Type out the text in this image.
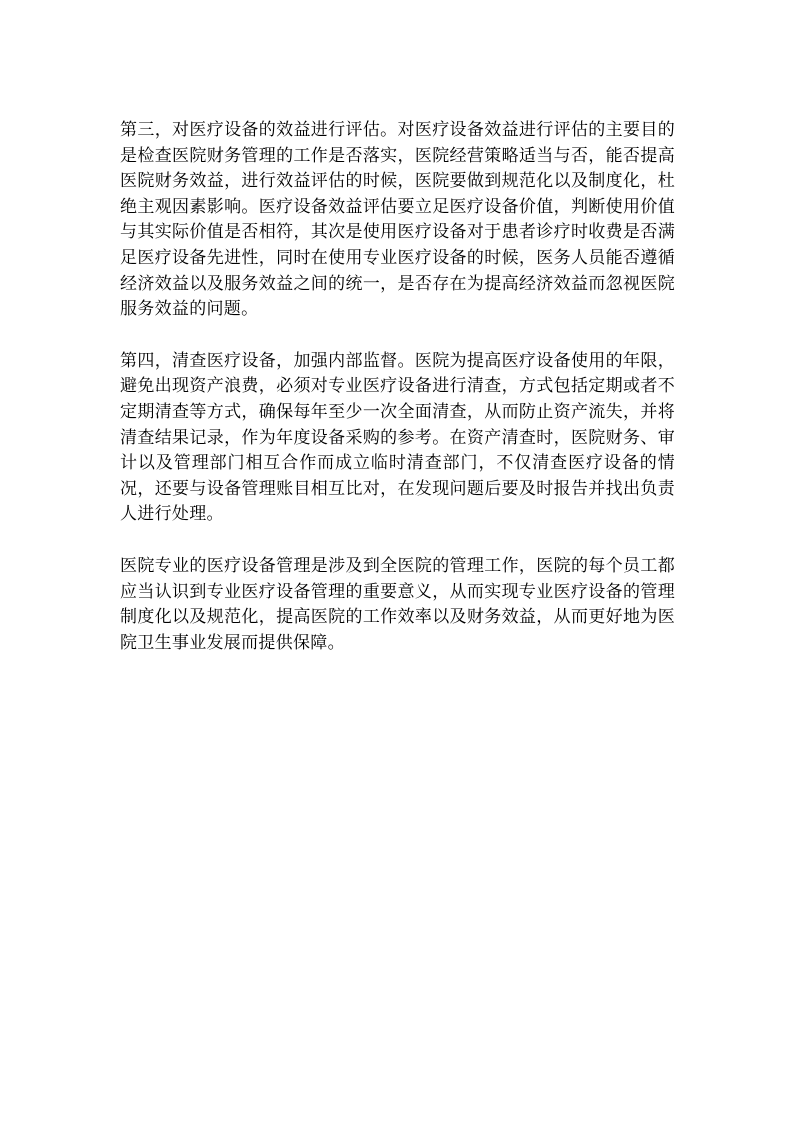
第三，对医疗设备的效益进行评估。对医疗设备效益进行评估的主要目的是检查医院财务管理的工作是否落实，医院经营策略适当与否，能否提高医院财务效益，进行效益评估的时候，医院要做到规范化以及制度化，杜绝主观因素影响。医疗设备效益评估要立足医疗设备价值，判断使用价值与其实际价值是否相符，其次是使用医疗设备对于患者诊疗时收费是否满足医疗设备先进性，同时在使用专业医疗设备的时候，医务人员能否遵循经济效益以及服务效益之间的统一，是否存在为提高经济效益而忽视医院服务效益的问题。

第四，清查医疗设备，加强内部监督。医院为提高医疗设备使用的年限，避免出现资产浪费，必须对专业医疗设备进行清查，方式包括定期或者不定期清查等方式，确保每年至少一次全面清查，从而防止资产流失，并将清查结果记录，作为年度设备采购的参考。在资产清查时，医院财务、审计以及管理部门相互合作而成立临时清查部门，不仅清查医疗设备的情况，还要与设备管理账目相互比对，在发现问题后要及时报告并找出负责人进行处理。

医院专业的医疗设备管理是涉及到全医院的管理工作，医院的每个员工都应当认识到专业医疗设备管理的重要意义，从而实现专业医疗设备的管理制度化以及规范化，提高医院的工作效率以及财务效益，从而更好地为医院卫生事业发展而提供保障。
